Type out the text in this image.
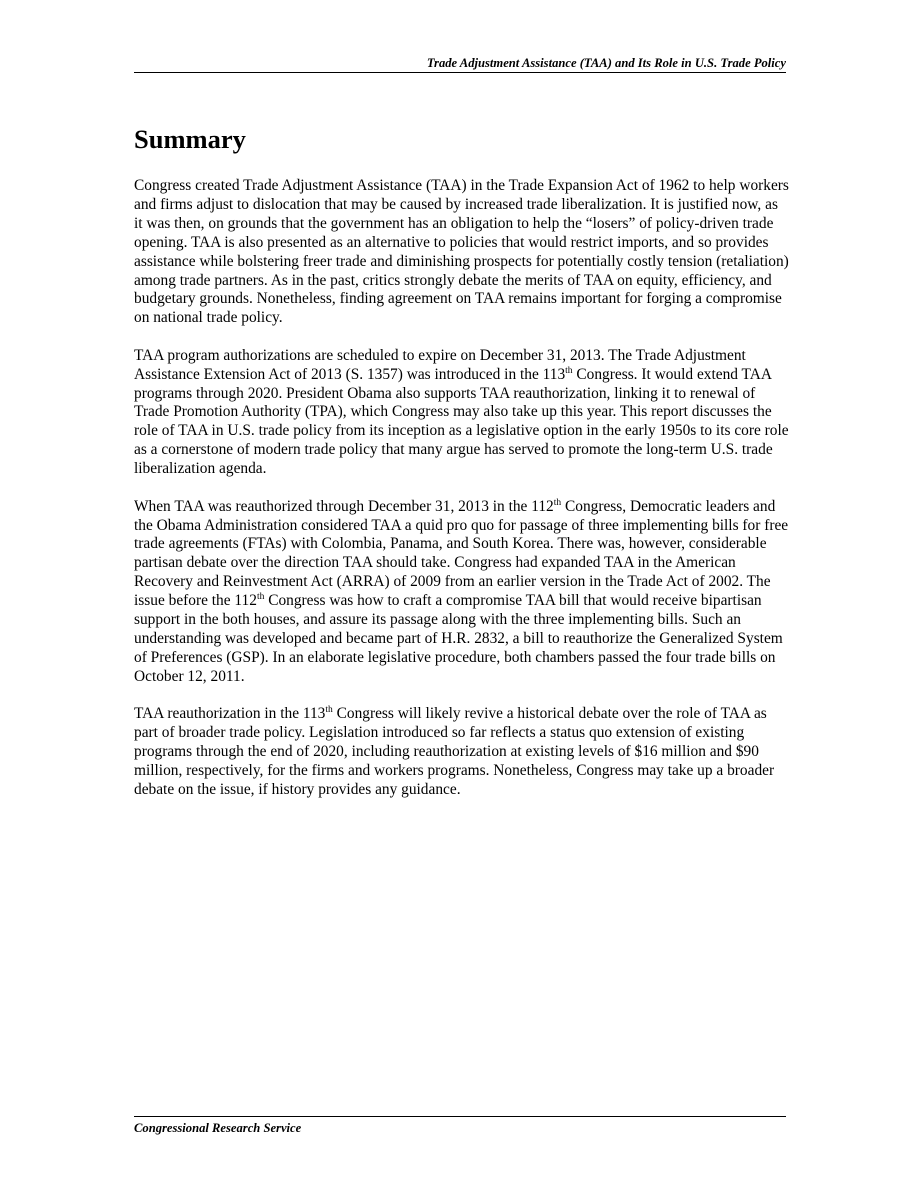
Trade Adjustment Assistance (TAA) and Its Role in U.S. Trade Policy
Summary

Congress created Trade Adjustment Assistance (TAA) in the Trade Expansion Act of 1962 to help workers and firms adjust to dislocation that may be caused by increased trade liberalization. It is justified now, as it was then, on grounds that the government has an obligation to help the “losers” of policy-driven trade opening. TAA is also presented as an alternative to policies that would restrict imports, and so provides assistance while bolstering freer trade and diminishing prospects for potentially costly tension (retaliation) among trade partners. As in the past, critics strongly debate the merits of TAA on equity, efficiency, and budgetary grounds. Nonetheless, finding agreement on TAA remains important for forging a compromise on national trade policy.

TAA program authorizations are scheduled to expire on December 31, 2013. The Trade Adjustment Assistance Extension Act of 2013 (S. 1357) was introduced in the 113th Congress. It would extend TAA programs through 2020. President Obama also supports TAA reauthorization, linking it to renewal of Trade Promotion Authority (TPA), which Congress may also take up this year. This report discusses the role of TAA in U.S. trade policy from its inception as a legislative option in the early 1950s to its core role as a cornerstone of modern trade policy that many argue has served to promote the long-term U.S. trade liberalization agenda.

When TAA was reauthorized through December 31, 2013 in the 112th Congress, Democratic leaders and the Obama Administration considered TAA a quid pro quo for passage of three implementing bills for free trade agreements (FTAs) with Colombia, Panama, and South Korea. There was, however, considerable partisan debate over the direction TAA should take. Congress had expanded TAA in the American Recovery and Reinvestment Act (ARRA) of 2009 from an earlier version in the Trade Act of 2002. The issue before the 112th Congress was how to craft a compromise TAA bill that would receive bipartisan support in the both houses, and assure its passage along with the three implementing bills. Such an understanding was developed and became part of H.R. 2832, a bill to reauthorize the Generalized System of Preferences (GSP). In an elaborate legislative procedure, both chambers passed the four trade bills on October 12, 2011.

TAA reauthorization in the 113th Congress will likely revive a historical debate over the role of TAA as part of broader trade policy. Legislation introduced so far reflects a status quo extension of existing programs through the end of 2020, including reauthorization at existing levels of $16 million and $90 million, respectively, for the firms and workers programs. Nonetheless, Congress may take up a broader debate on the issue, if history provides any guidance.

Congressional Research Service
